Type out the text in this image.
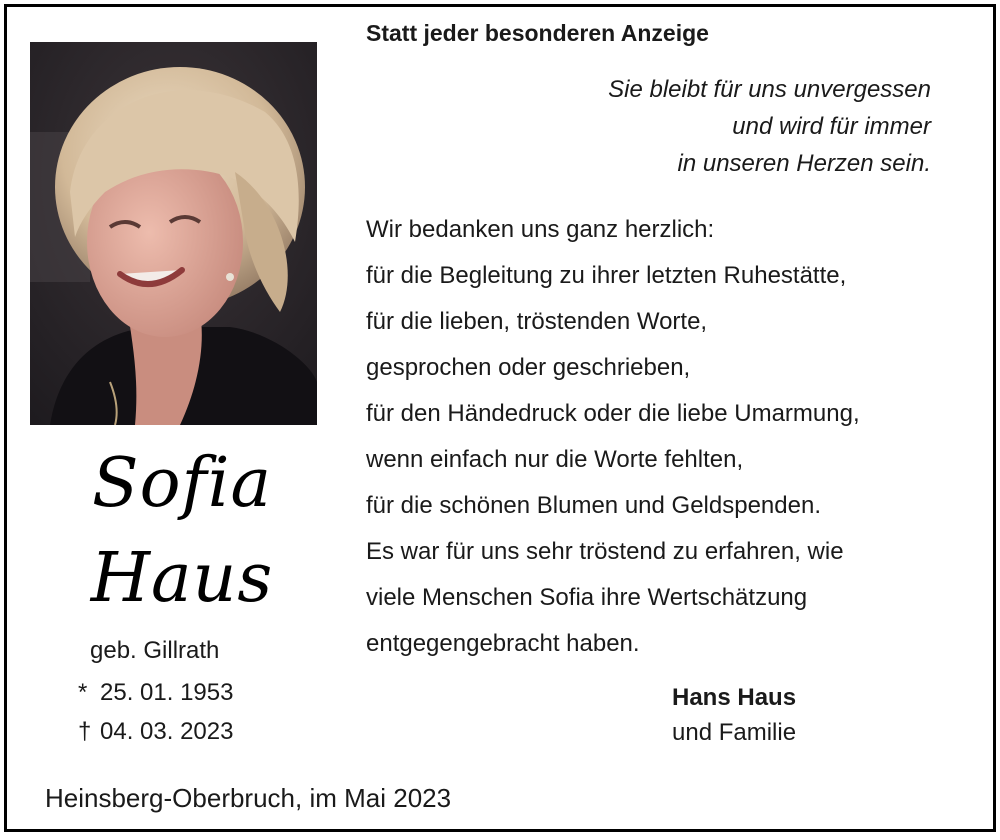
Sofia
Haus
geb. Gillrath
* 25. 01. 1953
† 04. 03. 2023
Heinsberg-Oberbruch, im Mai 2023
Statt jeder besonderen Anzeige
Sie bleibt für uns unvergessen
und wird für immer
in unseren Herzen sein.
Wir bedanken uns ganz herzlich:
für die Begleitung zu ihrer letzten Ruhestätte,
für die lieben, tröstenden Worte,
gesprochen oder geschrieben,
für den Händedruck oder die liebe Umarmung,
wenn einfach nur die Worte fehlten,
für die schönen Blumen und Geldspenden.
Es war für uns sehr tröstend zu erfahren, wie
viele Menschen Sofia ihre Wertschätzung
entgegengebracht haben.
Hans Haus
und Familie
